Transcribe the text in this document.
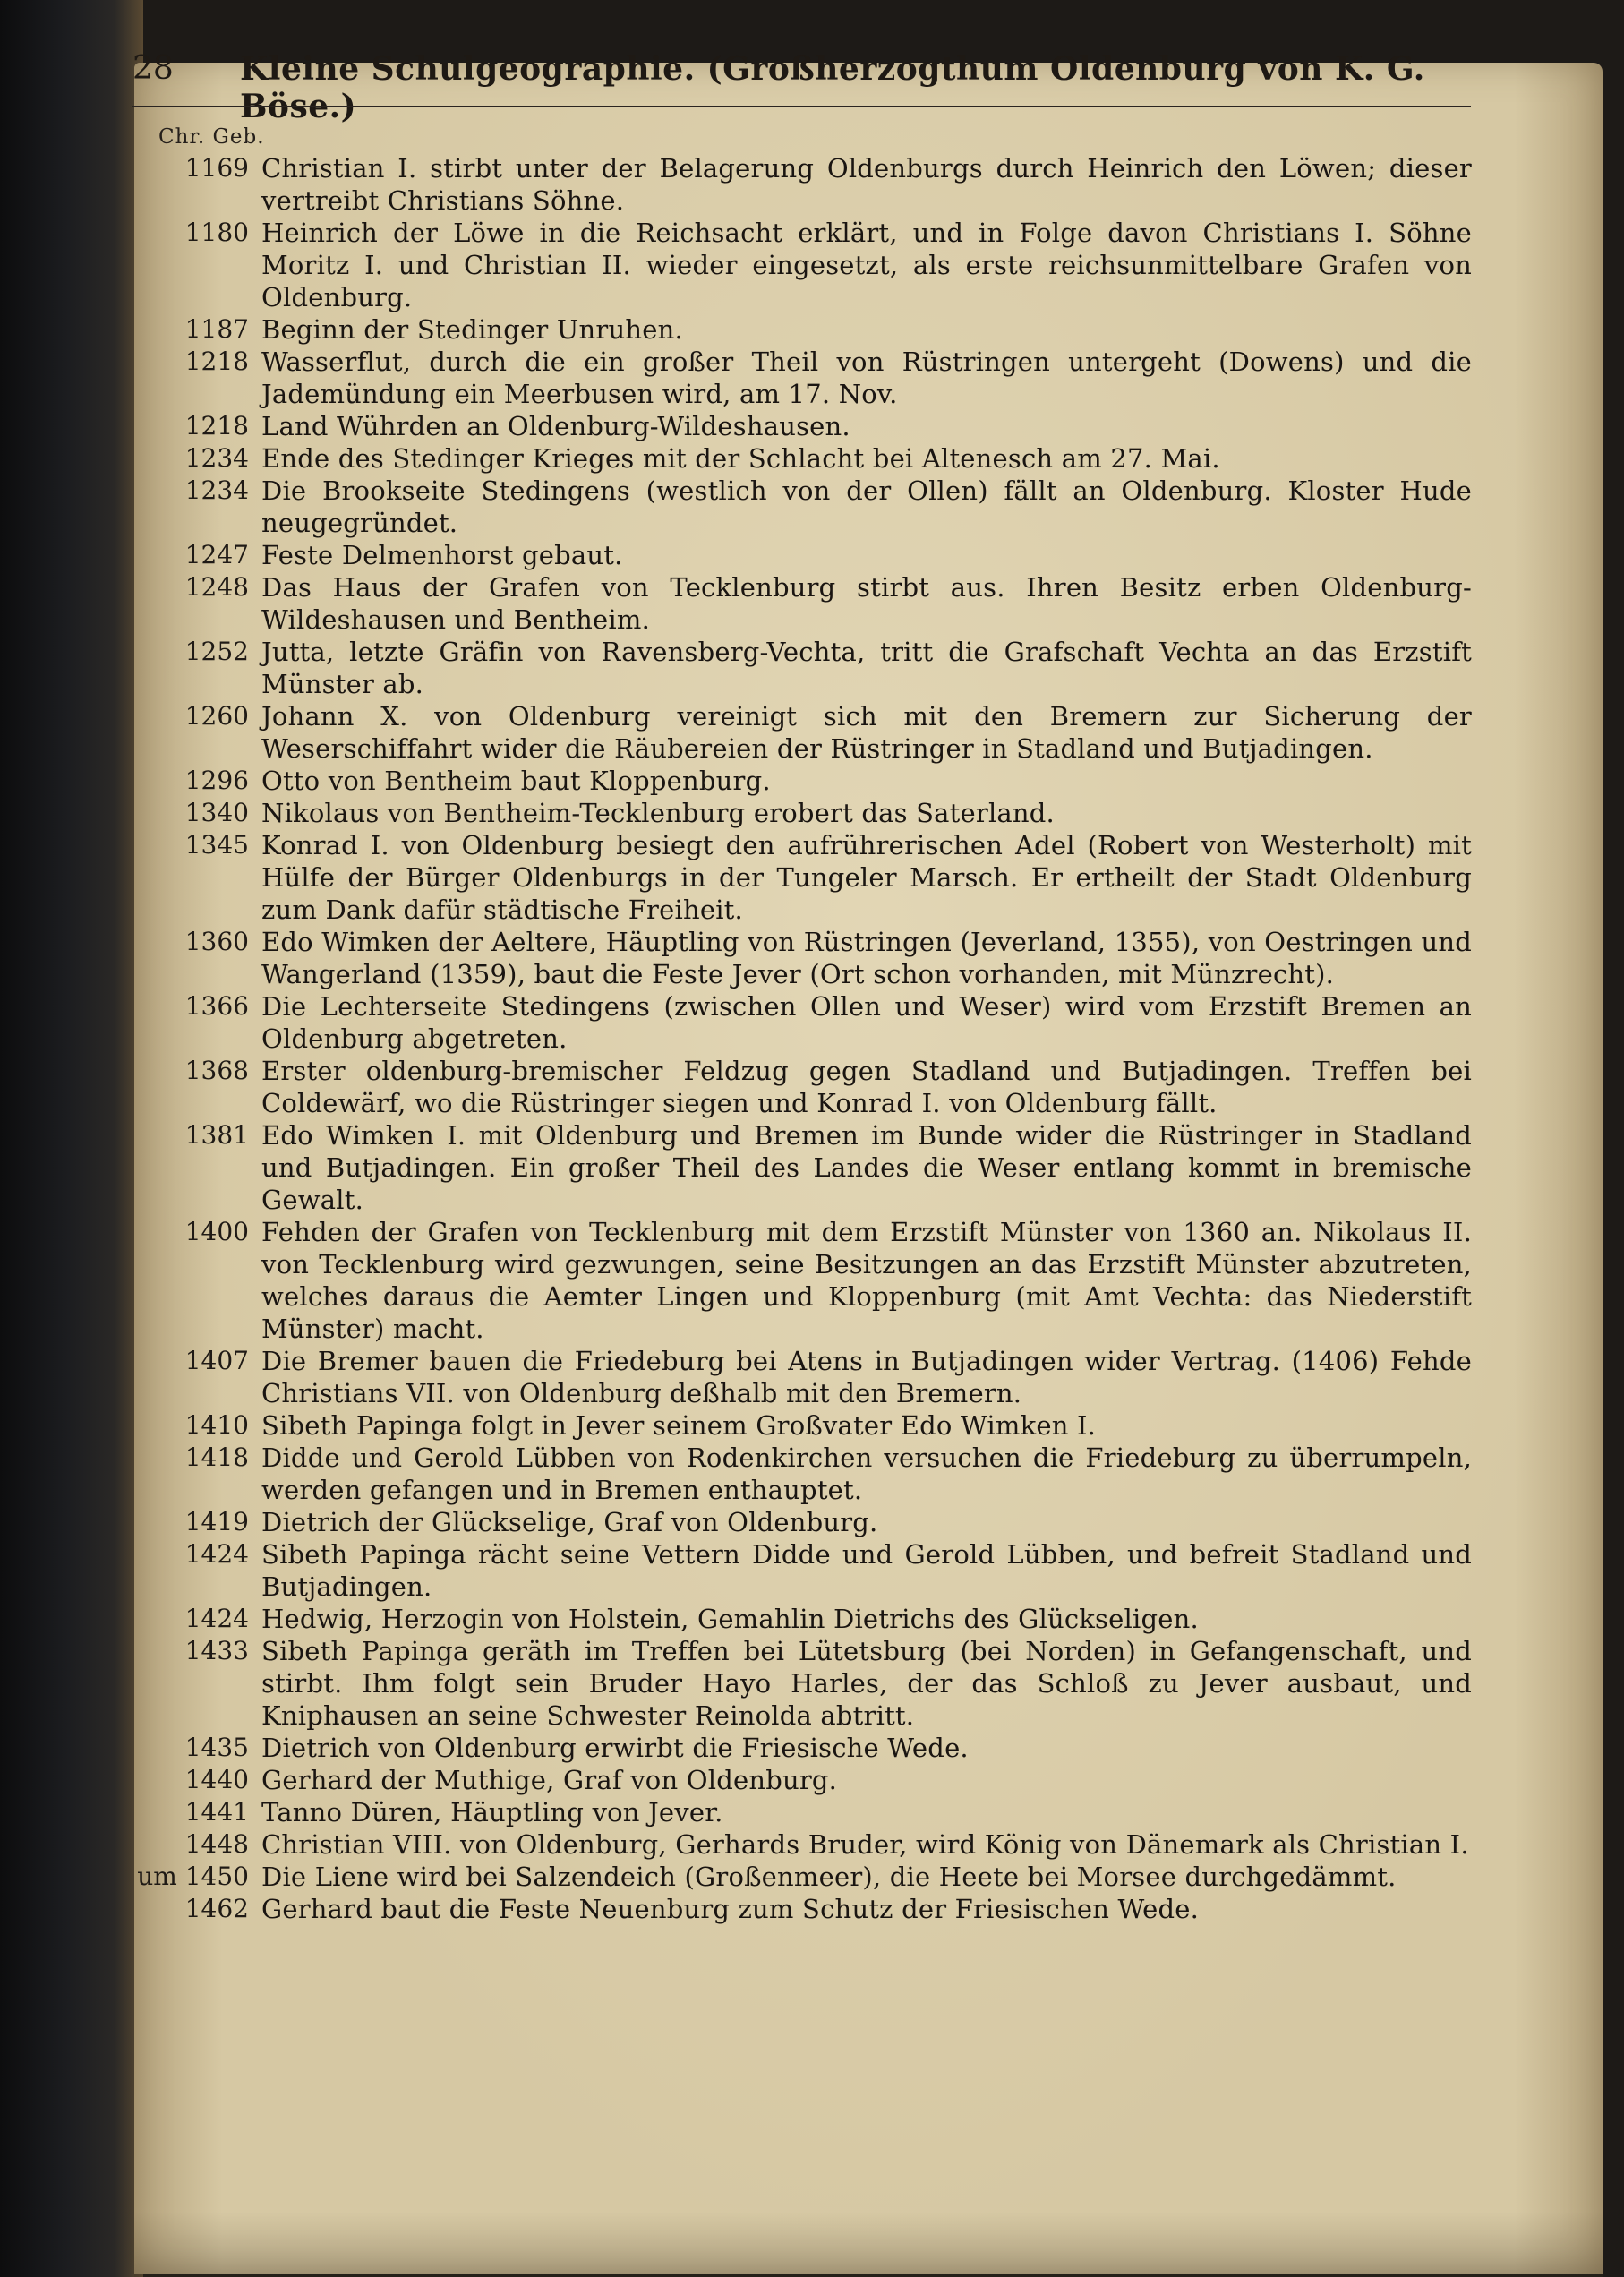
28 Kleine Schulgeographie. (Großherzogthum Oldenburg von K. G. Böse.)
Chr. Geb.
1169 Christian I. stirbt unter der Belagerung Oldenburgs durch Heinrich den Löwen; dieser vertreibt Christians Söhne.
1180 Heinrich der Löwe in die Reichsacht erklärt, und in Folge davon Christians I. Söhne Moritz I. und Christian II. wieder eingesetzt, als erste reichsunmittelbare Grafen von Oldenburg.
1187 Beginn der Stedinger Unruhen.
1218 Wasserflut, durch die ein großer Theil von Rüstringen untergeht (Dowens) und die Jademündung ein Meerbusen wird, am 17. Nov.
1218 Land Wührden an Oldenburg-Wildeshausen.
1234 Ende des Stedinger Krieges mit der Schlacht bei Altenesch am 27. Mai.
1234 Die Brookseite Stedingens (westlich von der Ollen) fällt an Oldenburg. Kloster Hude neugegründet.
1247 Feste Delmenhorst gebaut.
1248 Das Haus der Grafen von Tecklenburg stirbt aus. Ihren Besitz erben Oldenburg-Wildeshausen und Bentheim.
1252 Jutta, letzte Gräfin von Ravensberg-Vechta, tritt die Grafschaft Vechta an das Erzstift Münster ab.
1260 Johann X. von Oldenburg vereinigt sich mit den Bremern zur Sicherung der Weserschiffahrt wider die Räubereien der Rüstringer in Stadland und Butjadingen.
1296 Otto von Bentheim baut Kloppenburg.
1340 Nikolaus von Bentheim-Tecklenburg erobert das Saterland.
1345 Konrad I. von Oldenburg besiegt den aufrührerischen Adel (Robert von Westerholt) mit Hülfe der Bürger Oldenburgs in der Tungeler Marsch. Er ertheilt der Stadt Oldenburg zum Dank dafür städtische Freiheit.
1360 Edo Wimken der Aeltere, Häuptling von Rüstringen (Jeverland, 1355), von Oestringen und Wangerland (1359), baut die Feste Jever (Ort schon vorhanden, mit Münzrecht).
1366 Die Lechterseite Stedingens (zwischen Ollen und Weser) wird vom Erzstift Bremen an Oldenburg abgetreten.
1368 Erster oldenburg-bremischer Feldzug gegen Stadland und Butjadingen. Treffen bei Coldewärf, wo die Rüstringer siegen und Konrad I. von Oldenburg fällt.
1381 Edo Wimken I. mit Oldenburg und Bremen im Bunde wider die Rüstringer in Stadland und Butjadingen. Ein großer Theil des Landes die Weser entlang kommt in bremische Gewalt.
1400 Fehden der Grafen von Tecklenburg mit dem Erzstift Münster von 1360 an. Nikolaus II. von Tecklenburg wird gezwungen, seine Besitzungen an das Erzstift Münster abzutreten, welches daraus die Aemter Lingen und Kloppenburg (mit Amt Vechta: das Niederstift Münster) macht.
1407 Die Bremer bauen die Friedeburg bei Atens in Butjadingen wider Vertrag. (1406) Fehde Christians VII. von Oldenburg deßhalb mit den Bremern.
1410 Sibeth Papinga folgt in Jever seinem Großvater Edo Wimken I.
1418 Didde und Gerold Lübben von Rodenkirchen versuchen die Friedeburg zu überrumpeln, werden gefangen und in Bremen enthauptet.
1419 Dietrich der Glückselige, Graf von Oldenburg.
1424 Sibeth Papinga rächt seine Vettern Didde und Gerold Lübben, und befreit Stadland und Butjadingen.
1424 Hedwig, Herzogin von Holstein, Gemahlin Dietrichs des Glückseligen.
1433 Sibeth Papinga geräth im Treffen bei Lütetsburg (bei Norden) in Gefangenschaft, und stirbt. Ihm folgt sein Bruder Hayo Harles, der das Schloß zu Jever ausbaut, und Kniphausen an seine Schwester Reinolda abtritt.
1435 Dietrich von Oldenburg erwirbt die Friesische Wede.
1440 Gerhard der Muthige, Graf von Oldenburg.
1441 Tanno Düren, Häuptling von Jever.
1448 Christian VIII. von Oldenburg, Gerhards Bruder, wird König von Dänemark als Christian I.
um 1450 Die Liene wird bei Salzendeich (Großenmeer), die Heete bei Morsee durchgedämmt.
1462 Gerhard baut die Feste Neuenburg zum Schutz der Friesischen Wede.
